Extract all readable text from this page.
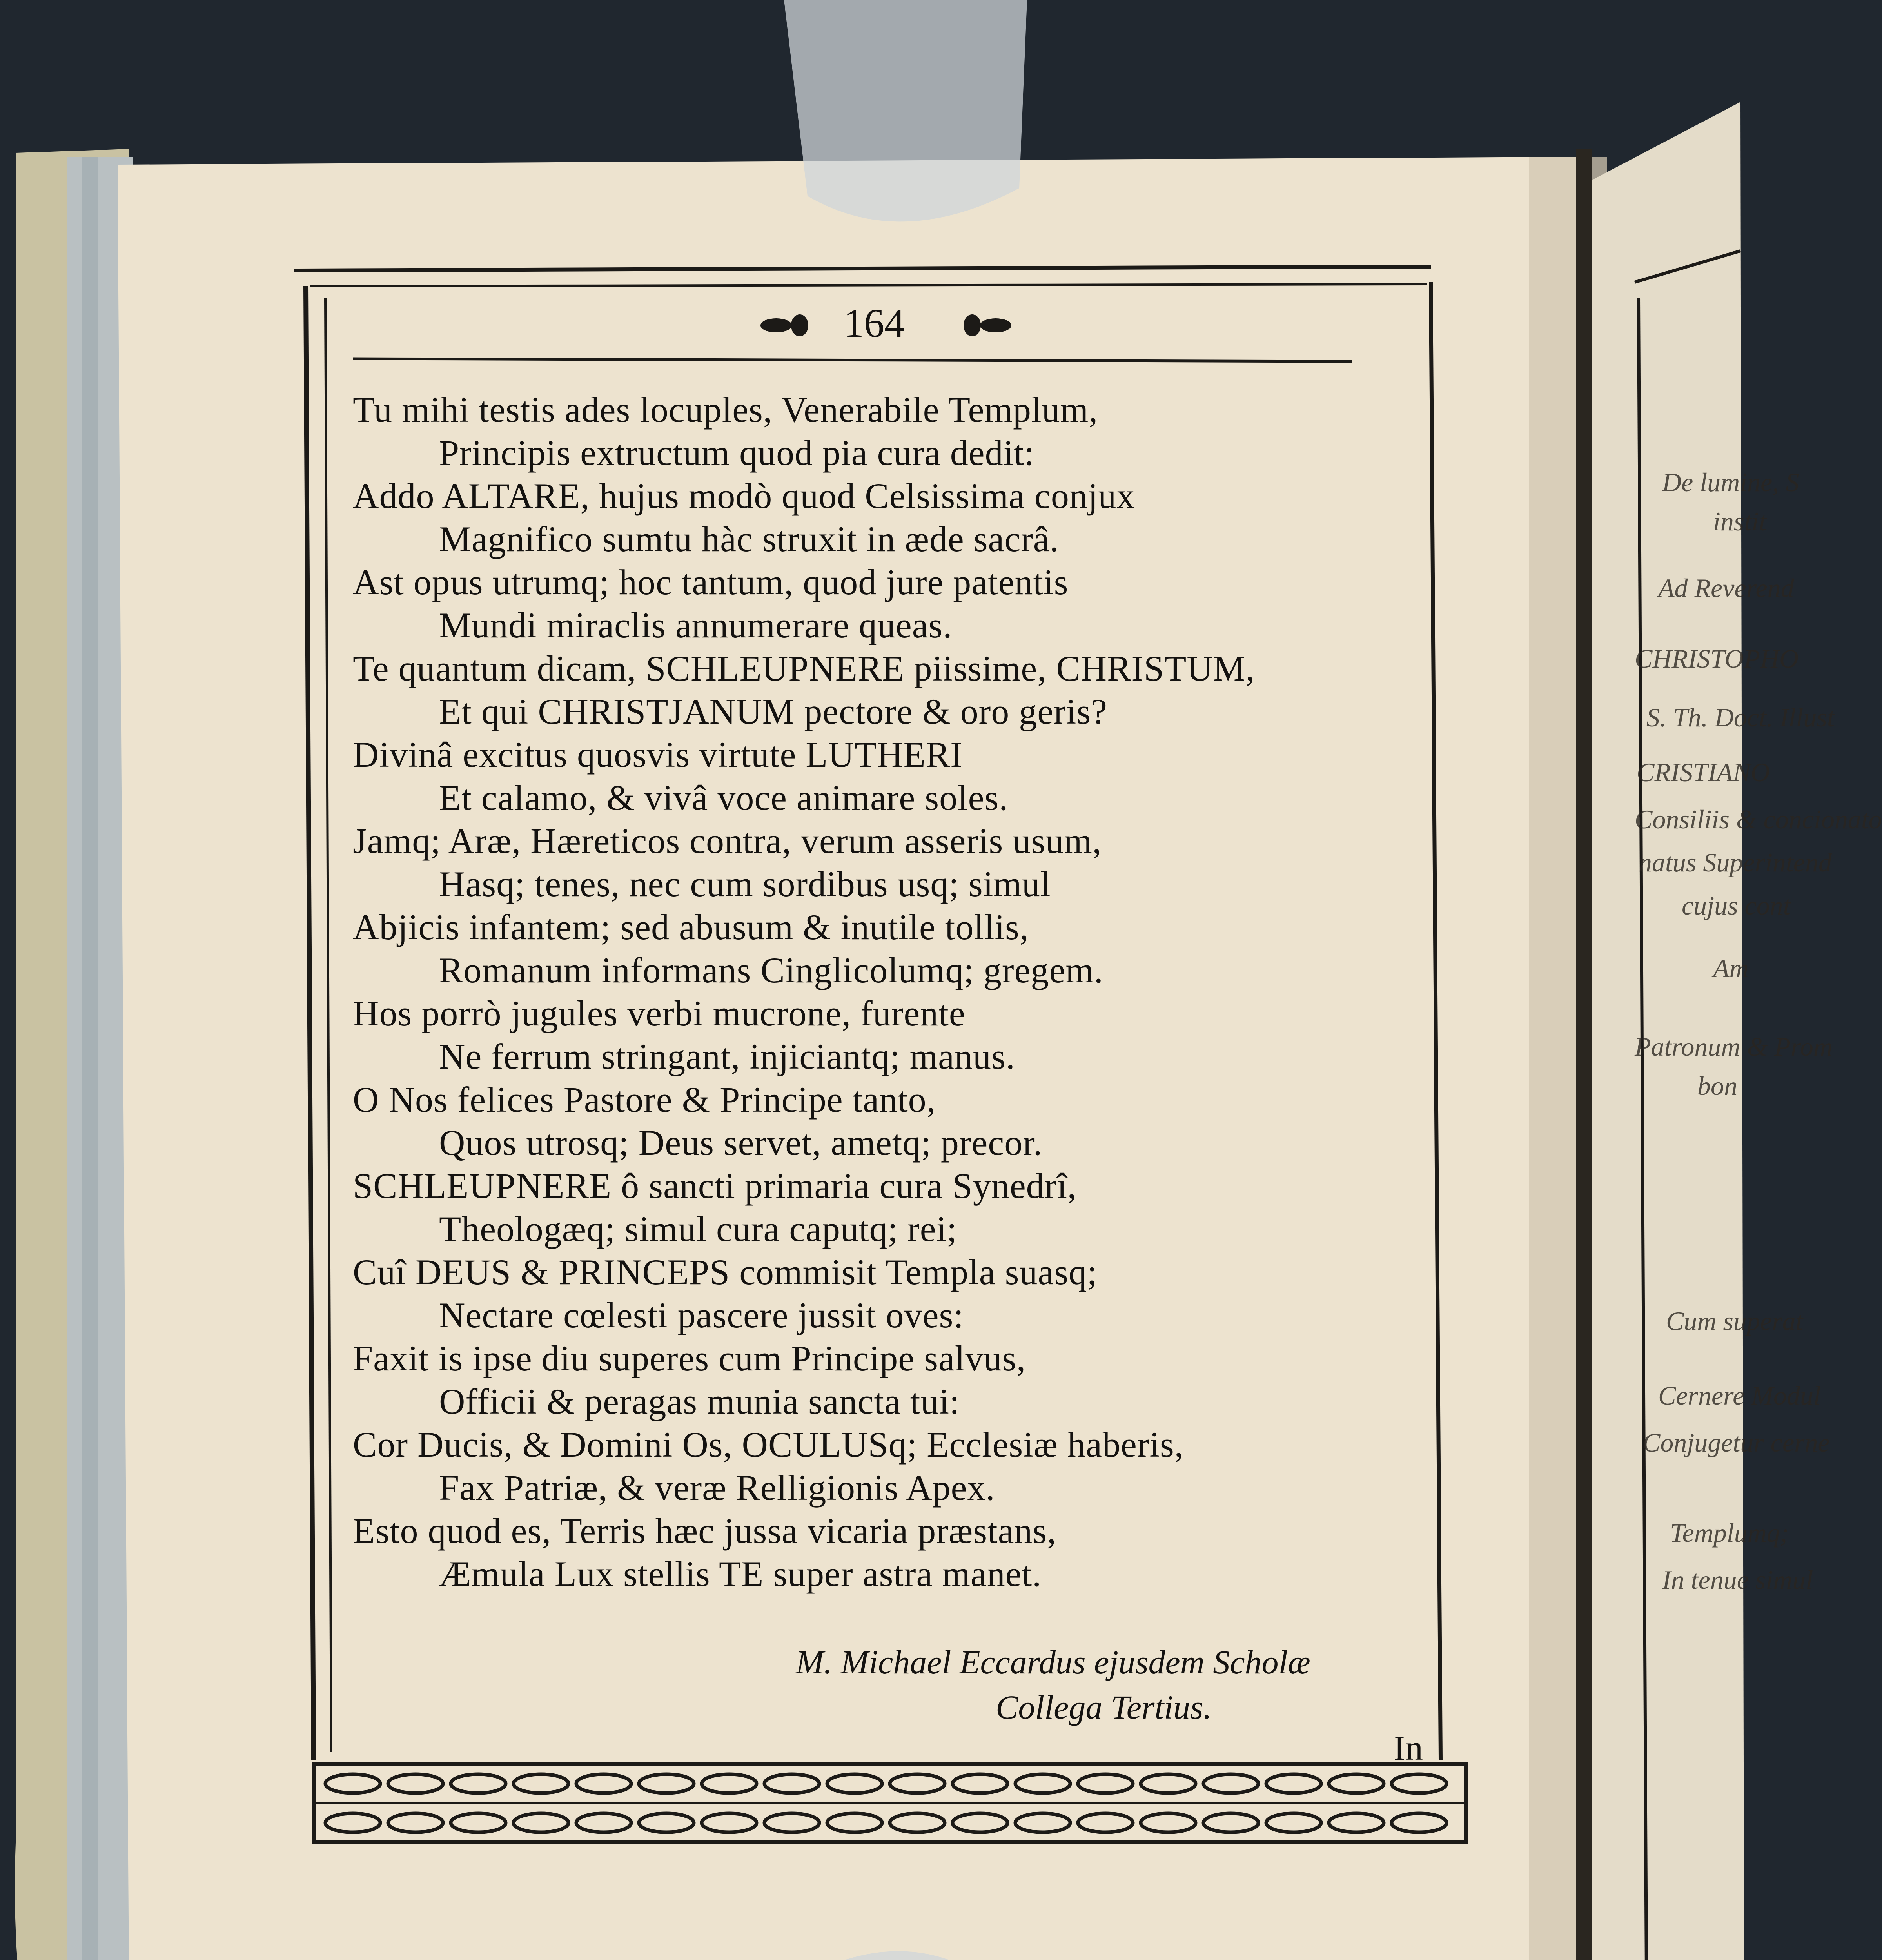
164
Tu mihi testis ades locuples, Venerabile Templum,
Principis extructum quod pia cura dedit:
Addo ALTARE, hujus modò quod Celsissima conjux
Magnifico sumtu hàc struxit in æde sacrâ.
Ast opus utrumq; hoc tantum, quod jure patentis
Mundi miraclis annumerare queas.
Te quantum dicam, SCHLEUPNERE piissime, CHRISTUM,
Et qui CHRISTJANUM pectore & oro geris?
Divinâ excitus quosvis virtute LUTHERI
Et calamo, & vivâ voce animare soles.
Jamq; Aræ, Hæreticos contra, verum asseris usum,
Hasq; tenes, nec cum sordibus usq; simul
Abjicis infantem; sed abusum & inutile tollis,
Romanum informans Cinglicolumq; gregem.
Hos porrò jugules verbi mucrone, furente
Ne ferrum stringant, injiciantq; manus.
O Nos felices Pastore & Principe tanto,
Quos utrosq; Deus servet, ametq; precor.
SCHLEUPNERE ô sancti primaria cura Synedrî,
Theologæq; simul cura caputq; rei;
Cuî DEUS & PRINCEPS commisit Templa suasq;
Nectare cœlesti pascere jussit oves:
Faxit is ipse diu superes cum Principe salvus,
Officii & peragas munia sancta tui:
Cor Ducis, & Domini Os, OCULUSq; Ecclesiæ haberis,
Fax Patriæ, & veræ Relligionis Apex.
Esto quod es, Terris hæc jussa vicaria præstans,
Æmula Lux stellis TE super astra manet.
M. Michael Eccardus ejusdem Scholæ
Collega Tertius.
In
De lumine, S
instit
Ad Reverend
CHRISTOPHO
S. Th. Doct. Illust
CRISTIANO
Consiliis & concionato
natus Superintend
cujus cont
Am
Patronum & Prom
bon
Cum superat
Cernere Modul
Conjugetur cerne
Templumq;
In tenue simul
